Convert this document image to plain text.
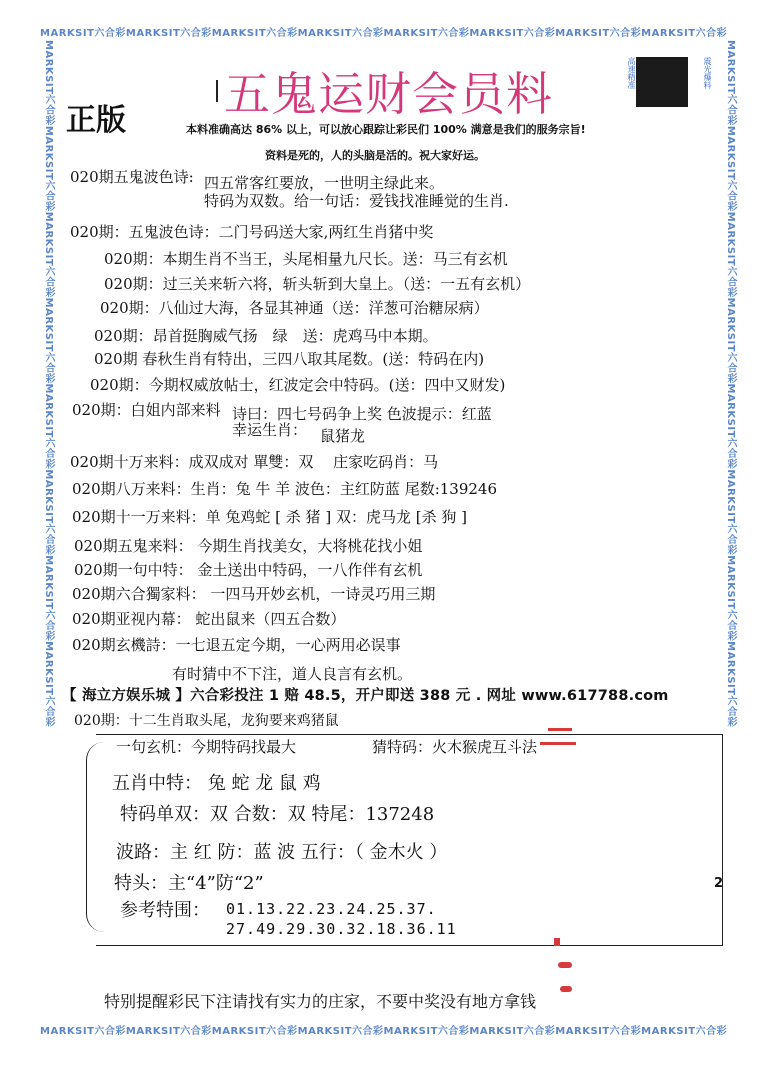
MARKSIT六合彩MARKSIT六合彩MARKSIT六合彩MARKSIT六合彩MARKSIT六合彩MARKSIT六合彩MARKSIT六合彩MARKSIT六合彩
MARKSIT六合彩MARKSIT六合彩MARKSIT六合彩MARKSIT六合彩MARKSIT六合彩MARKSIT六合彩MARKSIT六合彩MARKSIT六合彩
MARKSIT六合彩MARKSIT六合彩MARKSIT六合彩MARKSIT六合彩MARKSIT六合彩MARKSIT六合彩MARKSIT六合彩MARKSIT六合彩	MARKSIT六合彩MARKSIT六合彩MARKSIT六合彩MARKSIT六合彩MARKSIT六合彩MARKSIT六合彩MARKSIT六合彩MARKSIT六合彩
五鬼运财会员料
正版
高速精准	震光爆料
本料准确高达 86% 以上，可以放心跟踪让彩民们 100% 满意是我们的服务宗旨!
资料是死的，人的头脑是活的。祝大家好运。
020期五鬼波色诗: 四五常客红要放，一世明主绿此来。
特码为双数。给一句话：爱钱找准睡觉的生肖.
020期：五鬼波色诗：二门号码送大家,两红生肖猪中奖
020期：本期生肖不当王，头尾相量九尺长。送：马三有玄机
020期：过三关来斩六将，斩头斩到大皇上。（送：一五有玄机）
020期：八仙过大海，各显其神通（送：洋葱可治糖尿病）
020期：昂首挺胸威气扬　绿　送：虎鸡马中本期。
020期 春秋生肖有特出，三四八取其尾数。(送：特码在内)
020期：今期权威放帖士，红波定会中特码。(送：四中又财发)
020期：白姐内部来料 诗曰：四七号码争上奖 色波提示：红蓝
幸运生肖： 鼠猪龙
020期十万来料：成双成对 單雙：双　 庄家吃码肖：马
020期八万来料：生肖：兔 牛 羊 波色：主红防蓝 尾数:139246
020期十一万来料：单 兔鸡蛇 [ 杀 猪 ] 双：虎马龙 [杀 狗 ]
020期五鬼来料： 今期生肖找美女，大将桃花找小姐
020期一句中特： 金土送出中特码，一八作伴有玄机
020期六合獨家料： 一四马开妙玄机，一诗灵巧用三期
020期亚视内幕： 蛇出鼠来（四五合数）
020期玄機詩：一七退五定今期，一心两用必误事
有时猜中不下注，道人良言有玄机。
【 海立方娱乐城 】六合彩投注 1 赔 48.5，开户即送 388 元 . 网址 www.617788.com
020期：十二生肖取头尾，龙狗要来鸡猪鼠
一句玄机：今期特码找最大	猜特码：火木猴虎互斗法
五肖中特： 兔 蛇 龙 鼠 鸡
特码单双：双 合数：双 特尾：137248
波路：主 红 防：蓝 波 五行：（ 金木火 ）
特头：主“4”防“2”
参考特围： 01.13.22.23.24.25.37.
27.49.29.30.32.18.36.11
2
特别提醒彩民下注请找有实力的庄家，不要中奖没有地方拿钱
